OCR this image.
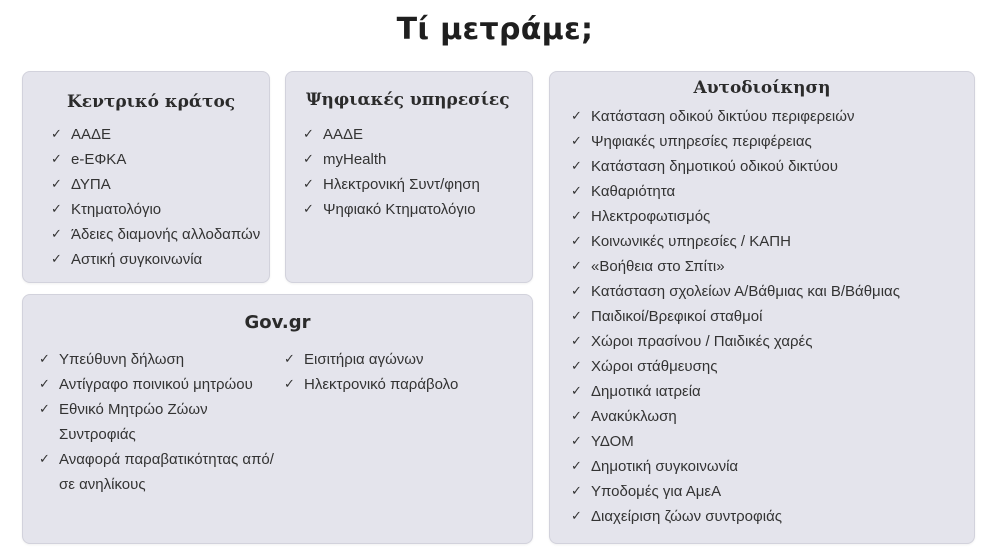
Τί μετράμε;
Κεντρικό κράτος
✓ ΑΑΔΕ
✓ e-ΕΦΚΑ
✓ ΔΥΠΑ
✓ Κτηματολόγιο
✓ Άδειες διαμονής αλλοδαπών
✓ Αστική συγκοινωνία
Ψηφιακές υπηρεσίες
✓ ΑΑΔΕ
✓ myHealth
✓ Ηλεκτρονική Συντ/φηση
✓ Ψηφιακό Κτηματολόγιο
Gov.gr
✓ Υπεύθυνη δήλωση
✓ Αντίγραφο ποινικού μητρώου
✓ Εθνικό Μητρώο Ζώων Συντροφιάς
✓ Αναφορά παραβατικότητας από/σε ανηλίκους
✓ Εισιτήρια αγώνων
✓ Ηλεκτρονικό παράβολο
Αυτοδιοίκηση
✓ Κατάσταση οδικού δικτύου περιφερειών
✓ Ψηφιακές υπηρεσίες περιφέρειας
✓ Κατάσταση δημοτικού οδικού δικτύου
✓ Καθαριότητα
✓ Ηλεκτροφωτισμός
✓ Κοινωνικές υπηρεσίες / ΚΑΠΗ
✓ «Βοήθεια στο Σπίτι»
✓ Κατάσταση σχολείων Α/Βάθμιας και Β/Βάθμιας
✓ Παιδικοί/Βρεφικοί σταθμοί
✓ Χώροι πρασίνου / Παιδικές χαρές
✓ Χώροι στάθμευσης
✓ Δημοτικά ιατρεία
✓ Ανακύκλωση
✓ ΥΔΟΜ
✓ Δημοτική συγκοινωνία
✓ Υποδομές για ΑμεΑ
✓ Διαχείριση ζώων συντροφιάς
